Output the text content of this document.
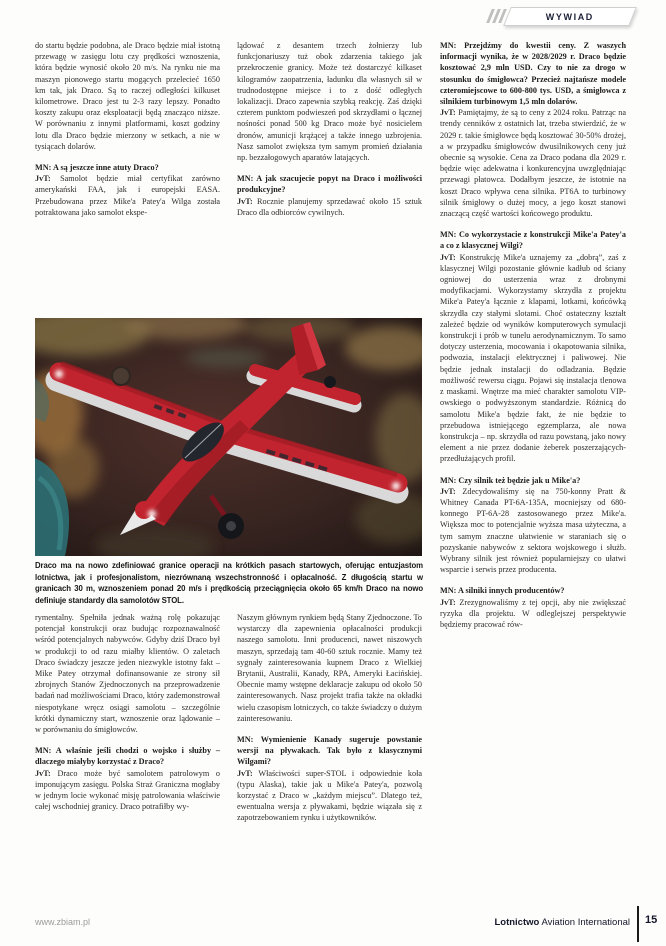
WYWIAD

do startu będzie podobna, ale Draco będzie miał istotną przewagę w zasięgu lotu czy prędkości wznoszenia, która będzie wynosić około 20 m/s. Na rynku nie ma maszyn pionowego startu mogących przelecieć 1650 km tak, jak Draco. Są to raczej odległości kilkuset kilometrowe. Draco jest tu 2-3 razy lepszy. Ponadto koszty zakupu oraz eksploatacji będą znacząco niższe. W porównaniu z innymi platformami, koszt godziny lotu dla Draco będzie mierzony w setkach, a nie w tysiącach dolarów.

MN: A są jeszcze inne atuty Draco?

JvT: Samolot będzie miał certyfikat zarówno amerykański FAA, jak i europejski EASA. Przebudowana przez Mike'a Patey'a Wilga została potraktowana jako samolot ekspe-

lądować z desantem trzech żołnierzy lub funkcjonariuszy tuż obok zdarzenia takiego jak przekroczenie granicy. Może też dostarczyć kilkaset kilogramów zaopatrzenia, ładunku dla własnych sił w trudnodostępne miejsce i to z dość odległych lokalizacji. Draco zapewnia szybką reakcję. Zaś dzięki czterem punktom podwieszeń pod skrzydłami o łącznej nośności ponad 500 kg Draco może być nosicielem dronów, amunicji krążącej a także innego uzbrojenia. Nasz samolot zwiększa tym samym promień działania np. bezzałogowych aparatów latających.

MN: A jak szacujecie popyt na Draco i możliwości produkcyjne?

JvT: Rocznie planujemy sprzedawać około 15 sztuk Draco dla odbiorców cywilnych.

Draco ma na nowo zdefiniować granice operacji na krótkich pasach startowych, oferując entuzjastom lotnictwa, jak i profesjonalistom, niezrównaną wszechstronność i opłacalność. Z długością startu w granicach 30 m, wznoszeniem ponad 20 m/s i prędkością przeciągnięcia około 65 km/h Draco na nowo definiuje standardy dla samolotów STOL.

rymentalny. Spełniła jednak ważną rolę pokazując potencjał konstrukcji oraz budując rozpoznawalność wśród potencjalnych nabywców. Gdyby dziś Draco był w produkcji to od razu miałby klientów. O zaletach Draco świadczy jeszcze jeden niezwykle istotny fakt – Mike Patey otrzymał dofinansowanie ze strony sił zbrojnych Stanów Zjednoczonych na przeprowadzenie badań nad możliwościami Draco, który zademonstrował niespotykane wręcz osiągi samolotu – szczególnie krótki dynamiczny start, wznoszenie oraz lądowanie – w porównaniu do śmigłowców.

MN: A właśnie jeśli chodzi o wojsko i służby – dlaczego miałyby korzystać z Draco?

JvT: Draco może być samolotem patrolowym o imponującym zasięgu. Polska Straż Graniczna mogłaby w jednym locie wykonać misję patrolowania właściwie całej wschodniej granicy. Draco potrafiłby wy-

Naszym głównym rynkiem będą Stany Zjednoczone. To wystarczy dla zapewnienia opłacalności produkcji naszego samolotu. Inni producenci, nawet niszowych maszyn, sprzedają tam 40-60 sztuk rocznie. Mamy też sygnały zainteresowania kupnem Draco z Wielkiej Brytanii, Australii, Kanady, RPA, Ameryki Łacińskiej. Obecnie mamy wstępne deklaracje zakupu od około 50 zainteresowanych. Nasz projekt trafia także na okładki wielu czasopism lotniczych, co także świadczy o dużym zainteresowaniu.

MN: Wymienienie Kanady sugeruje powstanie wersji na pływakach. Tak było z klasycznymi Wilgami?

JvT: Właściwości super-STOL i odpowiednie koła (typu Alaska), takie jak u Mike'a Patey'a, pozwolą korzystać z Draco w „każdym miejscu”. Dlatego też, ewentualna wersja z pływakami, będzie wiązała się z zapotrzebowaniem rynku i użytkowników.

MN: Przejdźmy do kwestii ceny. Z waszych informacji wynika, że w 2028/2029 r. Draco będzie kosztować 2,9 mln USD. Czy to nie za drogo w stosunku do śmigłowca? Przecież najtańsze modele czteromiejscowe to 600-800 tys. USD, a śmigłowca z silnikiem turbinowym 1,5 mln dolarów.

JvT: Pamiętajmy, że są to ceny z 2024 roku. Patrząc na trendy cenników z ostatnich lat, trzeba stwierdzić, że w 2029 r. takie śmigłowce będą kosztować 30-50% drożej, a w przypadku śmigłowców dwusilnikowych ceny już obecnie są wysokie. Cena za Draco podana dla 2029 r. będzie więc adekwatna i konkurencyjna uwzględniając przewagi płatowca. Dodałbym jeszcze, że istotnie na koszt Draco wpływa cena silnika. PT6A to turbinowy silnik śmigłowy o dużej mocy, a jego koszt stanowi znaczącą część wartości końcowego produktu.

MN: Co wykorzystacie z konstrukcji Mike'a Patey'a a co z klasycznej Wilgi?

JvT: Konstrukcję Mike'a uznajemy za „dobrą”, zaś z klasycznej Wilgi pozostanie głównie kadłub od ściany ogniowej do usterzenia wraz z drobnymi modyfikacjami. Wykorzystamy skrzydła z projektu Mike'a Patey'a łącznie z klapami, lotkami, końcówką skrzydła czy stałymi slotami. Choć ostateczny kształt zależeć będzie od wyników komputerowych symulacji konstrukcji i prób w tunelu aerodynamicznym. To samo dotyczy usterzenia, mocowania i okapotowania silnika, podwozia, instalacji elektrycznej i paliwowej. Nie będzie jednak instalacji do odladzania. Będzie możliwość rewersu ciągu. Pojawi się instalacja tlenowa z maskami. Wnętrze ma mieć charakter samolotu VIP-owskiego o podwyższonym standardzie. Różnicą do samolotu Mike'a będzie fakt, że nie będzie to przebudowa istniejącego egzemplarza, ale nowa konstrukcja – np. skrzydła od razu powstaną, jako nowy element a nie przez dodanie żeberek poszerzających-przedłużających profil.

MN: Czy silnik też będzie jak u Mike'a?

JvT: Zdecydowaliśmy się na 750-konny Pratt & Whitney Canada PT-6A-135A, mocniejszy od 680-konnego PT-6A-28 zastosowanego przez Mike'a. Większa moc to potencjalnie wyższa masa użyteczna, a tym samym znaczne ułatwienie w staraniach się o pozyskanie nabywców z sektora wojskowego i służb. Wybrany silnik jest również popularniejszy co ułatwi wsparcie i serwis przez producenta.

MN: A silniki innych producentów?

JvT: Zrezygnowaliśmy z tej opcji, aby nie zwiększać ryzyka dla projektu. W odleglejszej perspektywie będziemy pracować rów-

www.zbiam.pl	Lotnictwo Aviation International 15
